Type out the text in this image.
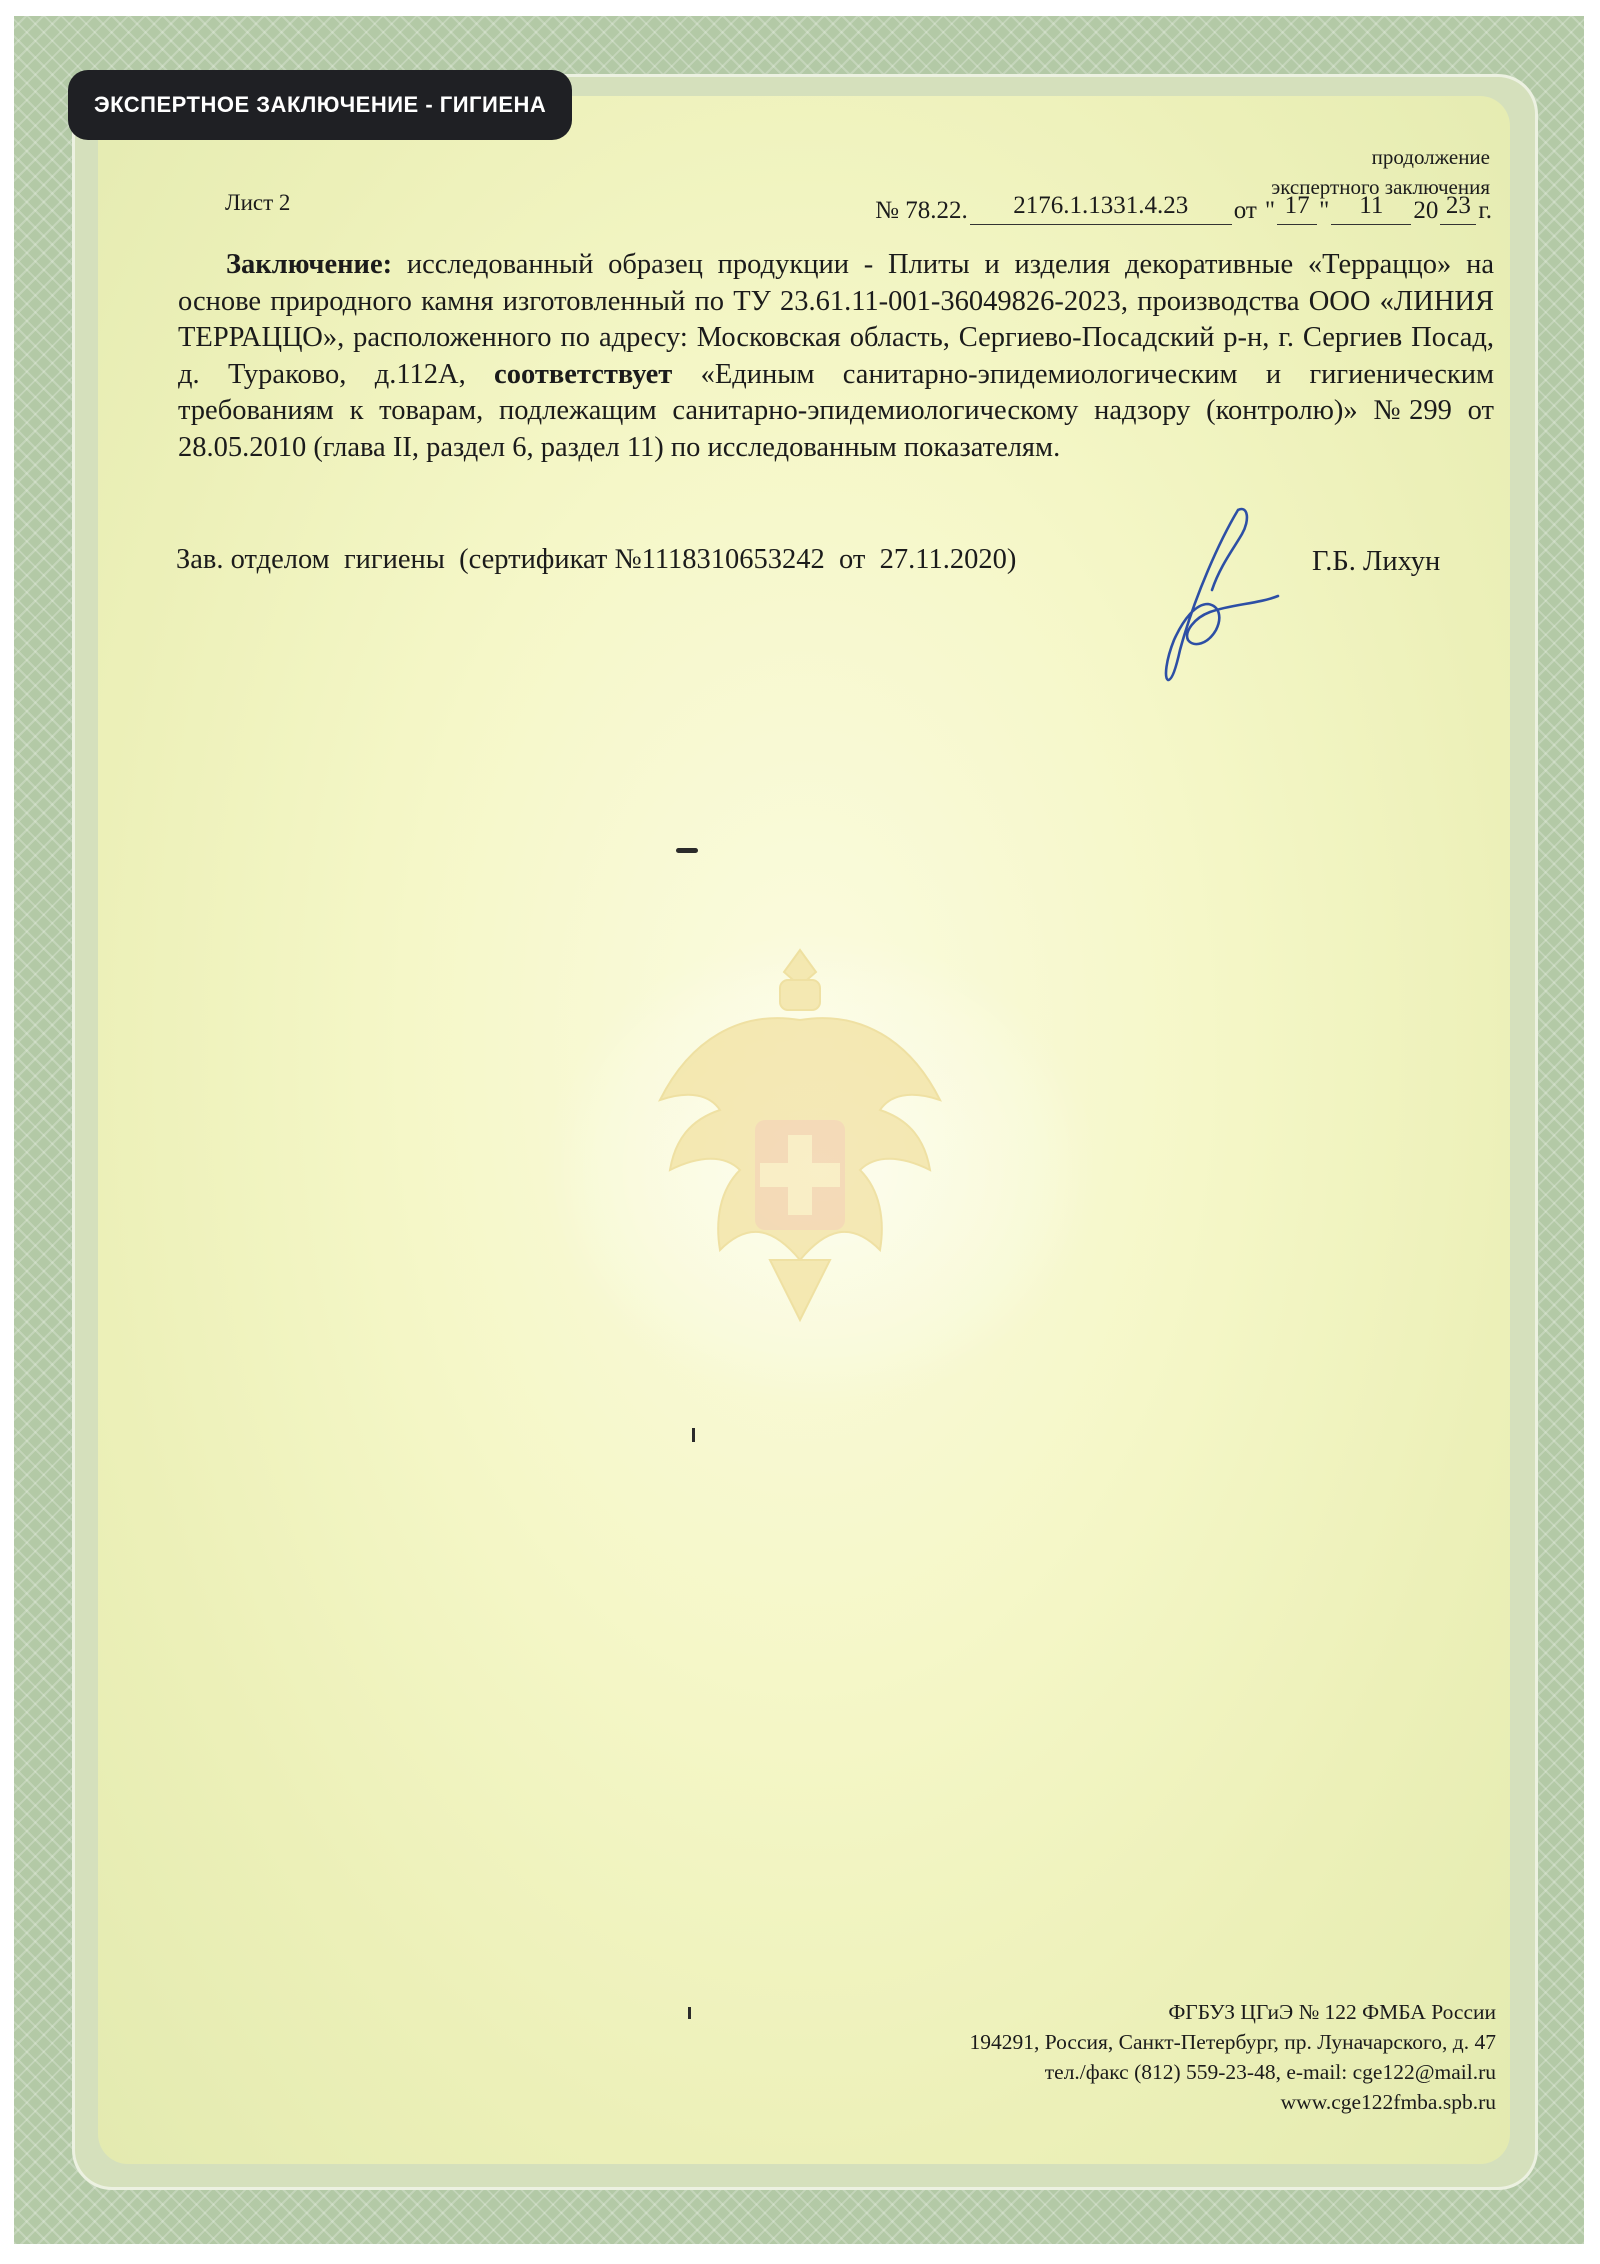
ЭКСПЕРТНОЕ ЗАКЛЮЧЕНИЕ - ГИГИЕНА
продолжение
экспертного заключения
Лист 2	№ 78.22.	2176.1.1331.4.23	от " 17 "	11	20 23 г.
Заключение: исследованный образец продукции - Плиты и изделия декоративные «Терраццо» на основе природного камня изготовленный по ТУ 23.61.11-001-36049826-2023, производства ООО «ЛИНИЯ ТЕРРАЦЦО», расположенного по адресу: Московская область, Сергиево-Посадский р-н, г. Сергиев Посад, д. Тураково, д.112А, соответствует «Единым санитарно-эпидемиологическим и гигиеническим требованиям к товарам, подлежащим санитарно-эпидемиологическому надзору (контролю)» №299 от 28.05.2010 (глава II, раздел 6, раздел 11) по исследованным показателям.
Зав. отделом  гигиены  (сертификат №1118310653242  от  27.11.2020)	Г.Б. Лихун
ФГБУЗ ЦГиЭ № 122 ФМБА России
194291, Россия, Санкт-Петербург, пр. Луначарского, д. 47
тел./факс (812) 559-23-48, e-mail: cge122@mail.ru
www.cge122fmba.spb.ru
